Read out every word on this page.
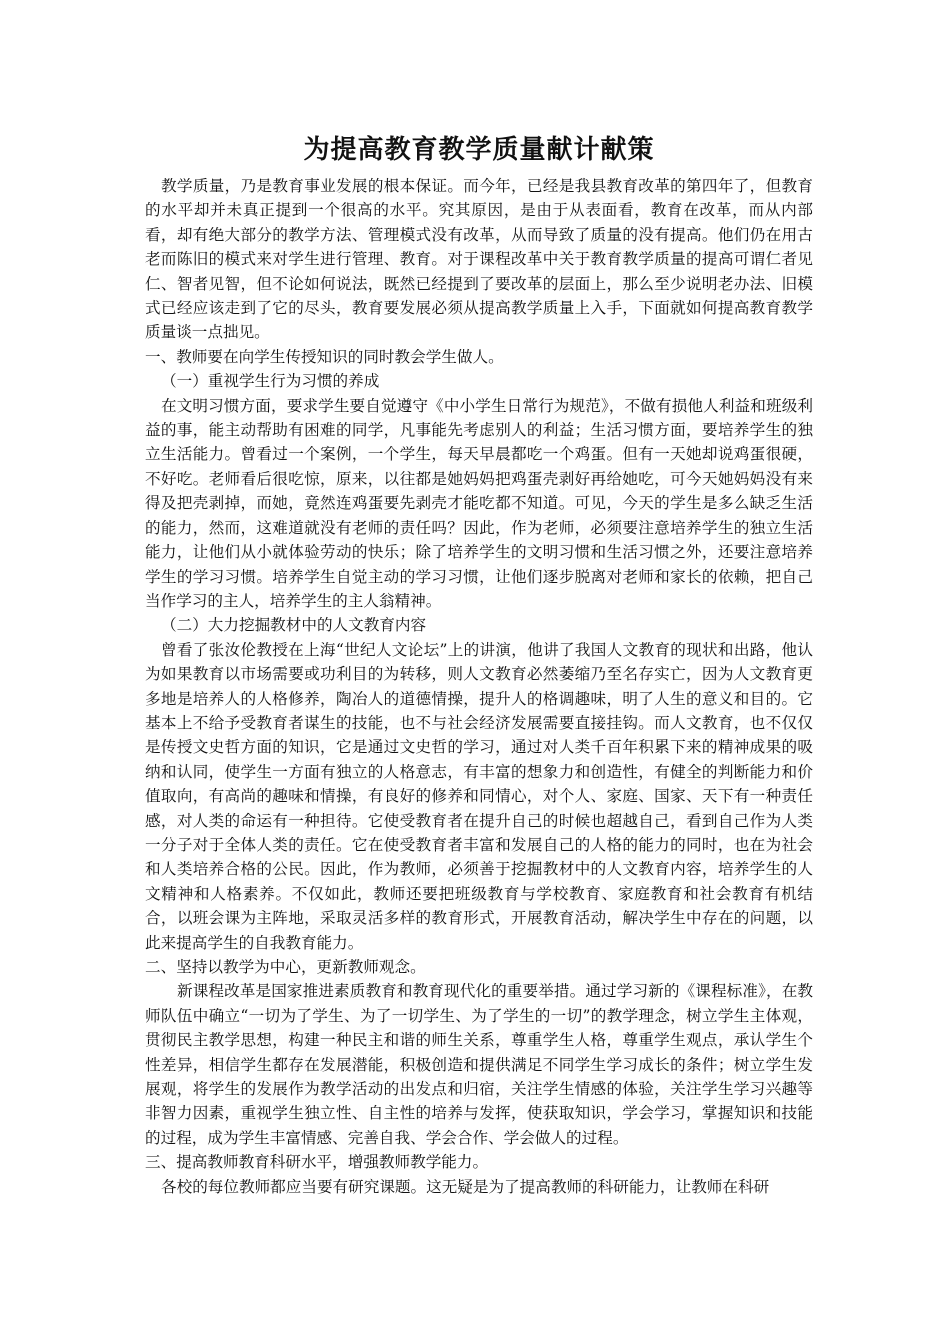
为提高教育教学质量献计献策

教学质量，乃是教育事业发展的根本保证。而今年，已经是我县教育改革的第四年了，但教育的水平却并未真正提到一个很高的水平。究其原因，是由于从表面看，教育在改革，而从内部看，却有绝大部分的教学方法、管理模式没有改革，从而导致了质量的没有提高。他们仍在用古老而陈旧的模式来对学生进行管理、教育。对于课程改革中关于教育教学质量的提高可谓仁者见仁、智者见智，但不论如何说法，既然已经提到了要改革的层面上，那么至少说明老办法、旧模式已经应该走到了它的尽头，教育要发展必须从提高教学质量上入手，下面就如何提高教育教学质量谈一点拙见。

一、教师要在向学生传授知识的同时教会学生做人。

（一）重视学生行为习惯的养成

在文明习惯方面，要求学生要自觉遵守《中小学生日常行为规范》，不做有损他人利益和班级利益的事，能主动帮助有困难的同学，凡事能先考虑别人的利益；生活习惯方面，要培养学生的独立生活能力。曾看过一个案例，一个学生，每天早晨都吃一个鸡蛋。但有一天她却说鸡蛋很硬，不好吃。老师看后很吃惊，原来，以往都是她妈妈把鸡蛋壳剥好再给她吃，可今天她妈妈没有来得及把壳剥掉，而她，竟然连鸡蛋要先剥壳才能吃都不知道。可见，今天的学生是多么缺乏生活的能力，然而，这难道就没有老师的责任吗？因此，作为老师，必须要注意培养学生的独立生活能力，让他们从小就体验劳动的快乐；除了培养学生的文明习惯和生活习惯之外，还要注意培养学生的学习习惯。培养学生自觉主动的学习习惯，让他们逐步脱离对老师和家长的依赖，把自己当作学习的主人，培养学生的主人翁精神。

（二）大力挖掘教材中的人文教育内容

曾看了张汝伦教授在上海“世纪人文论坛”上的讲演，他讲了我国人文教育的现状和出路，他认为如果教育以市场需要或功利目的为转移，则人文教育必然萎缩乃至名存实亡，因为人文教育更多地是培养人的人格修养，陶冶人的道德情操，提升人的格调趣味，明了人生的意义和目的。它基本上不给予受教育者谋生的技能，也不与社会经济发展需要直接挂钩。而人文教育，也不仅仅是传授文史哲方面的知识，它是通过文史哲的学习，通过对人类千百年积累下来的精神成果的吸纳和认同，使学生一方面有独立的人格意志，有丰富的想象力和创造性，有健全的判断能力和价值取向，有高尚的趣味和情操，有良好的修养和同情心，对个人、家庭、国家、天下有一种责任感，对人类的命运有一种担待。它使受教育者在提升自己的时候也超越自己，看到自己作为人类一分子对于全体人类的责任。它在使受教育者丰富和发展自己的人格的能力的同时，也在为社会和人类培养合格的公民。因此，作为教师，必须善于挖掘教材中的人文教育内容，培养学生的人文精神和人格素养。不仅如此，教师还要把班级教育与学校教育、家庭教育和社会教育有机结合，以班会课为主阵地，采取灵活多样的教育形式，开展教育活动，解决学生中存在的问题，以此来提高学生的自我教育能力。

二、坚持以教学为中心，更新教师观念。

新课程改革是国家推进素质教育和教育现代化的重要举措。通过学习新的《课程标准》，在教师队伍中确立“一切为了学生、为了一切学生、为了学生的一切”的教学理念，树立学生主体观，贯彻民主教学思想，构建一种民主和谐的师生关系，尊重学生人格，尊重学生观点，承认学生个性差异，相信学生都存在发展潜能，积极创造和提供满足不同学生学习成长的条件；树立学生发展观，将学生的发展作为教学活动的出发点和归宿，关注学生情感的体验，关注学生学习兴趣等非智力因素，重视学生独立性、自主性的培养与发挥，使获取知识，学会学习，掌握知识和技能的过程，成为学生丰富情感、完善自我、学会合作、学会做人的过程。

三、提高教师教育科研水平，增强教师教学能力。

各校的每位教师都应当要有研究课题。这无疑是为了提高教师的科研能力，让教师在科研
